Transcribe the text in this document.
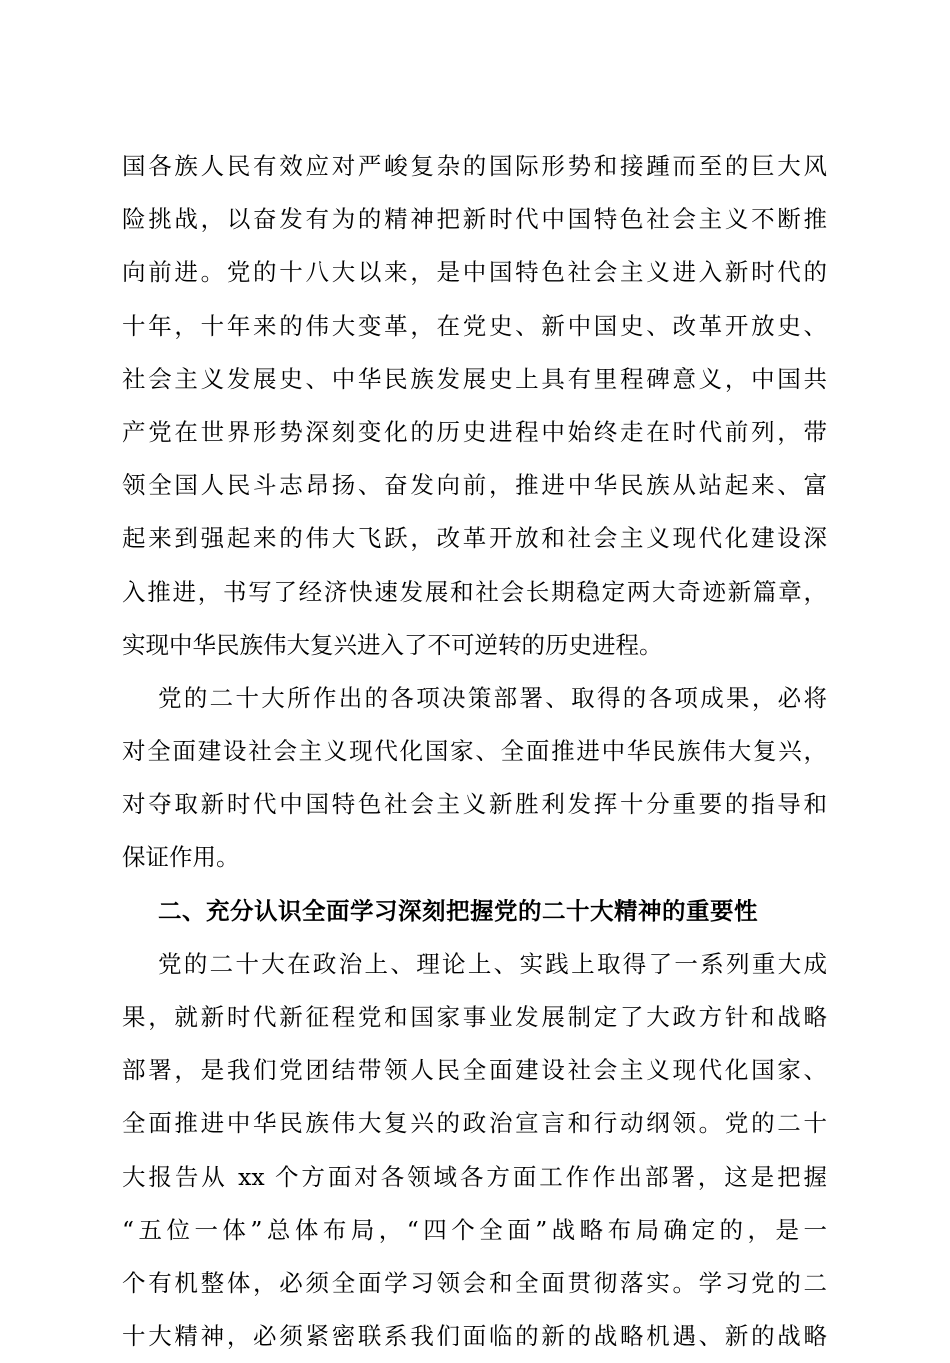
国各族人民有效应对严峻复杂的国际形势和接踵而至的巨大风
险挑战，以奋发有为的精神把新时代中国特色社会主义不断推
向前进。党的十八大以来，是中国特色社会主义进入新时代的
十年，十年来的伟大变革，在党史、新中国史、改革开放史、
社会主义发展史、中华民族发展史上具有里程碑意义，中国共
产党在世界形势深刻变化的历史进程中始终走在时代前列，带
领全国人民斗志昂扬、奋发向前，推进中华民族从站起来、富
起来到强起来的伟大飞跃，改革开放和社会主义现代化建设深
入推进，书写了经济快速发展和社会长期稳定两大奇迹新篇章，
实现中华民族伟大复兴进入了不可逆转的历史进程。
党的二十大所作出的各项决策部署、取得的各项成果，必将
对全面建设社会主义现代化国家、全面推进中华民族伟大复兴，
对夺取新时代中国特色社会主义新胜利发挥十分重要的指导和
保证作用。
二、充分认识全面学习深刻把握党的二十大精神的重要性
党的二十大在政治上、理论上、实践上取得了一系列重大成
果，就新时代新征程党和国家事业发展制定了大政方针和战略
部署，是我们党团结带领人民全面建设社会主义现代化国家、
全面推进中华民族伟大复兴的政治宣言和行动纲领。党的二十
大报告从 xx 个方面对各领域各方面工作作出部署，这是把握
“五位一体”总体布局，“四个全面”战略布局确定的，是一
个有机整体，必须全面学习领会和全面贯彻落实。学习党的二
十大精神，必须紧密联系我们面临的新的战略机遇、新的战略
